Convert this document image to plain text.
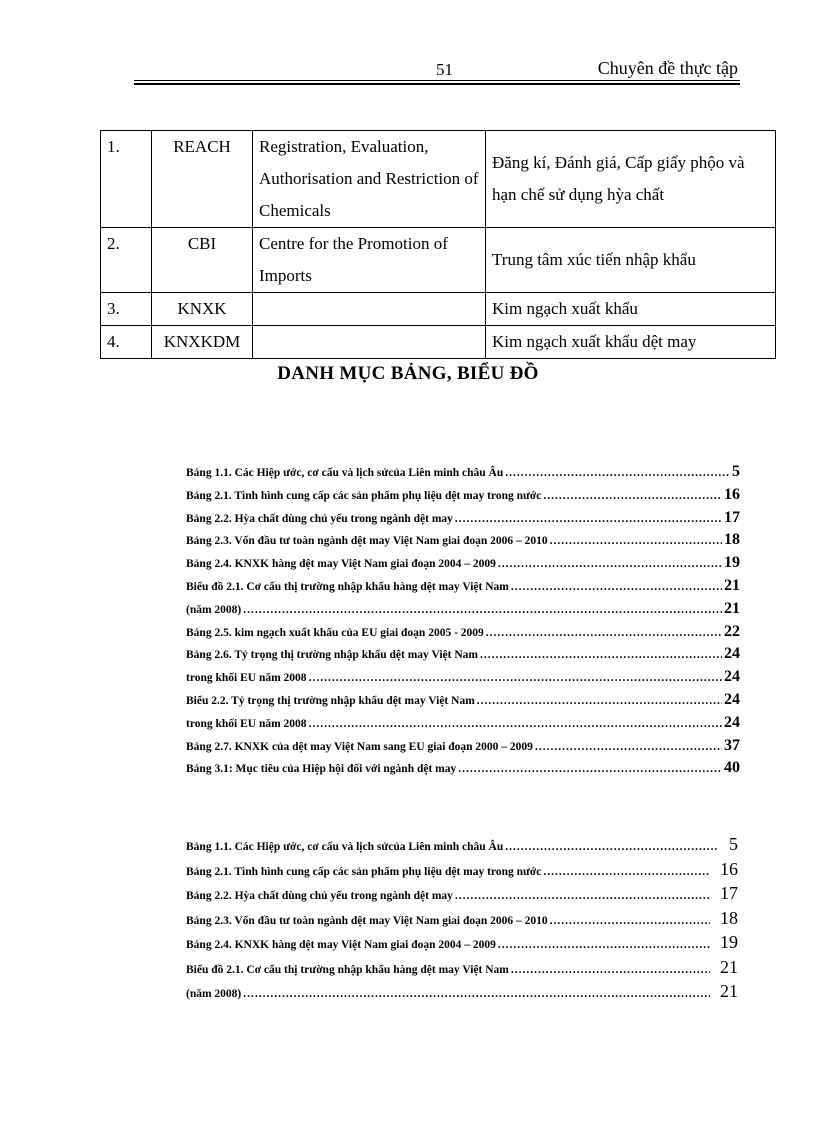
51	Chuyên đề thực tập
1.	REACH	Registration, Evaluation, Authorisation and Restriction of Chemicals	Đăng kí, Đánh giá, Cấp giấy phộo và hạn chế sử dụng hỳa chất
2.	CBI	Centre for the Promotion of Imports	Trung tâm xúc tiến nhập khẩu
3.	KNXK		Kim ngạch xuất khẩu
4.	KNXKDM		Kim ngạch xuất khẩu dệt may
DANH MỤC BẢNG, BIỂU ĐỒ
Bảng 1.1. Các Hiệp ước, cơ cấu và lịch sửcủa Liên minh châu Âu .....	5
Bảng 2.1. Tình hình cung cấp các sản phẩm phụ liệu dệt may trong nước .....	16
Bảng 2.2. Hỳa chất dùng chủ yếu trong ngành dệt may .....	17
Bảng 2.3. Vốn đầu tư toàn ngành dệt may Việt Nam giai đoạn 2006 – 2010 .....	18
Bảng 2.4. KNXK hàng dệt may Việt Nam giai đoạn 2004 – 2009 .....	19
Biểu đồ 2.1. Cơ cấu thị trường nhập khẩu hàng dệt may Việt Nam .....	21
(năm 2008) .....	21
Bảng 2.5. kim ngạch xuất khẩu của EU giai đoạn 2005 - 2009 .....	22
Bảng 2.6. Tỷ trọng thị trường nhập khẩu dệt may Việt Nam .....	24
trong khối EU năm 2008 .....	24
Biểu 2.2. Tỷ trọng thị trường nhập khẩu dệt may Việt Nam .....	24
trong khối EU năm 2008 .....	24
Bảng 2.7. KNXK của dệt may Việt Nam sang EU giai đoạn 2000 – 2009 .....	37
Bảng 3.1: Mục tiêu của Hiệp hội đối với ngành dệt may .....	40
Bảng 1.1. Các Hiệp ước, cơ cấu và lịch sửcủa Liên minh châu Âu .....	5
Bảng 2.1. Tình hình cung cấp các sản phẩm phụ liệu dệt may trong nước .....	16
Bảng 2.2. Hỳa chất dùng chủ yếu trong ngành dệt may .....	17
Bảng 2.3. Vốn đầu tư toàn ngành dệt may Việt Nam giai đoạn 2006 – 2010 .....	18
Bảng 2.4. KNXK hàng dệt may Việt Nam giai đoạn 2004 – 2009 .....	19
Biểu đồ 2.1. Cơ cấu thị trường nhập khẩu hàng dệt may Việt Nam .....	21
(năm 2008) .....	21
